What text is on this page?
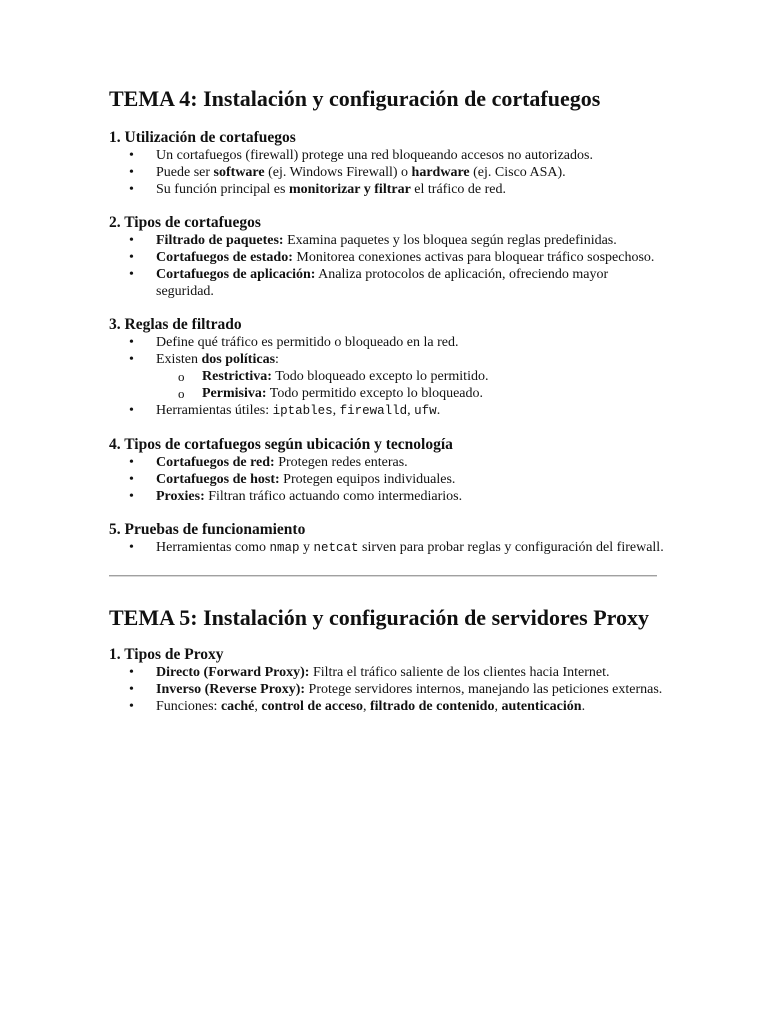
TEMA 4: Instalación y configuración de cortafuegos
1. Utilización de cortafuegos
• Un cortafuegos (firewall) protege una red bloqueando accesos no autorizados.
• Puede ser software (ej. Windows Firewall) o hardware (ej. Cisco ASA).
• Su función principal es monitorizar y filtrar el tráfico de red.
2. Tipos de cortafuegos
• Filtrado de paquetes: Examina paquetes y los bloquea según reglas predefinidas.
• Cortafuegos de estado: Monitorea conexiones activas para bloquear tráfico sospechoso.
• Cortafuegos de aplicación: Analiza protocolos de aplicación, ofreciendo mayor seguridad.
3. Reglas de filtrado
• Define qué tráfico es permitido o bloqueado en la red.
• Existen dos políticas:
o Restrictiva: Todo bloqueado excepto lo permitido.
o Permisiva: Todo permitido excepto lo bloqueado.
• Herramientas útiles: iptables, firewalld, ufw.
4. Tipos de cortafuegos según ubicación y tecnología
• Cortafuegos de red: Protegen redes enteras.
• Cortafuegos de host: Protegen equipos individuales.
• Proxies: Filtran tráfico actuando como intermediarios.
5. Pruebas de funcionamiento
• Herramientas como nmap y netcat sirven para probar reglas y configuración del firewall.
TEMA 5: Instalación y configuración de servidores Proxy
1. Tipos de Proxy
• Directo (Forward Proxy): Filtra el tráfico saliente de los clientes hacia Internet.
• Inverso (Reverse Proxy): Protege servidores internos, manejando las peticiones externas.
• Funciones: caché, control de acceso, filtrado de contenido, autenticación.
